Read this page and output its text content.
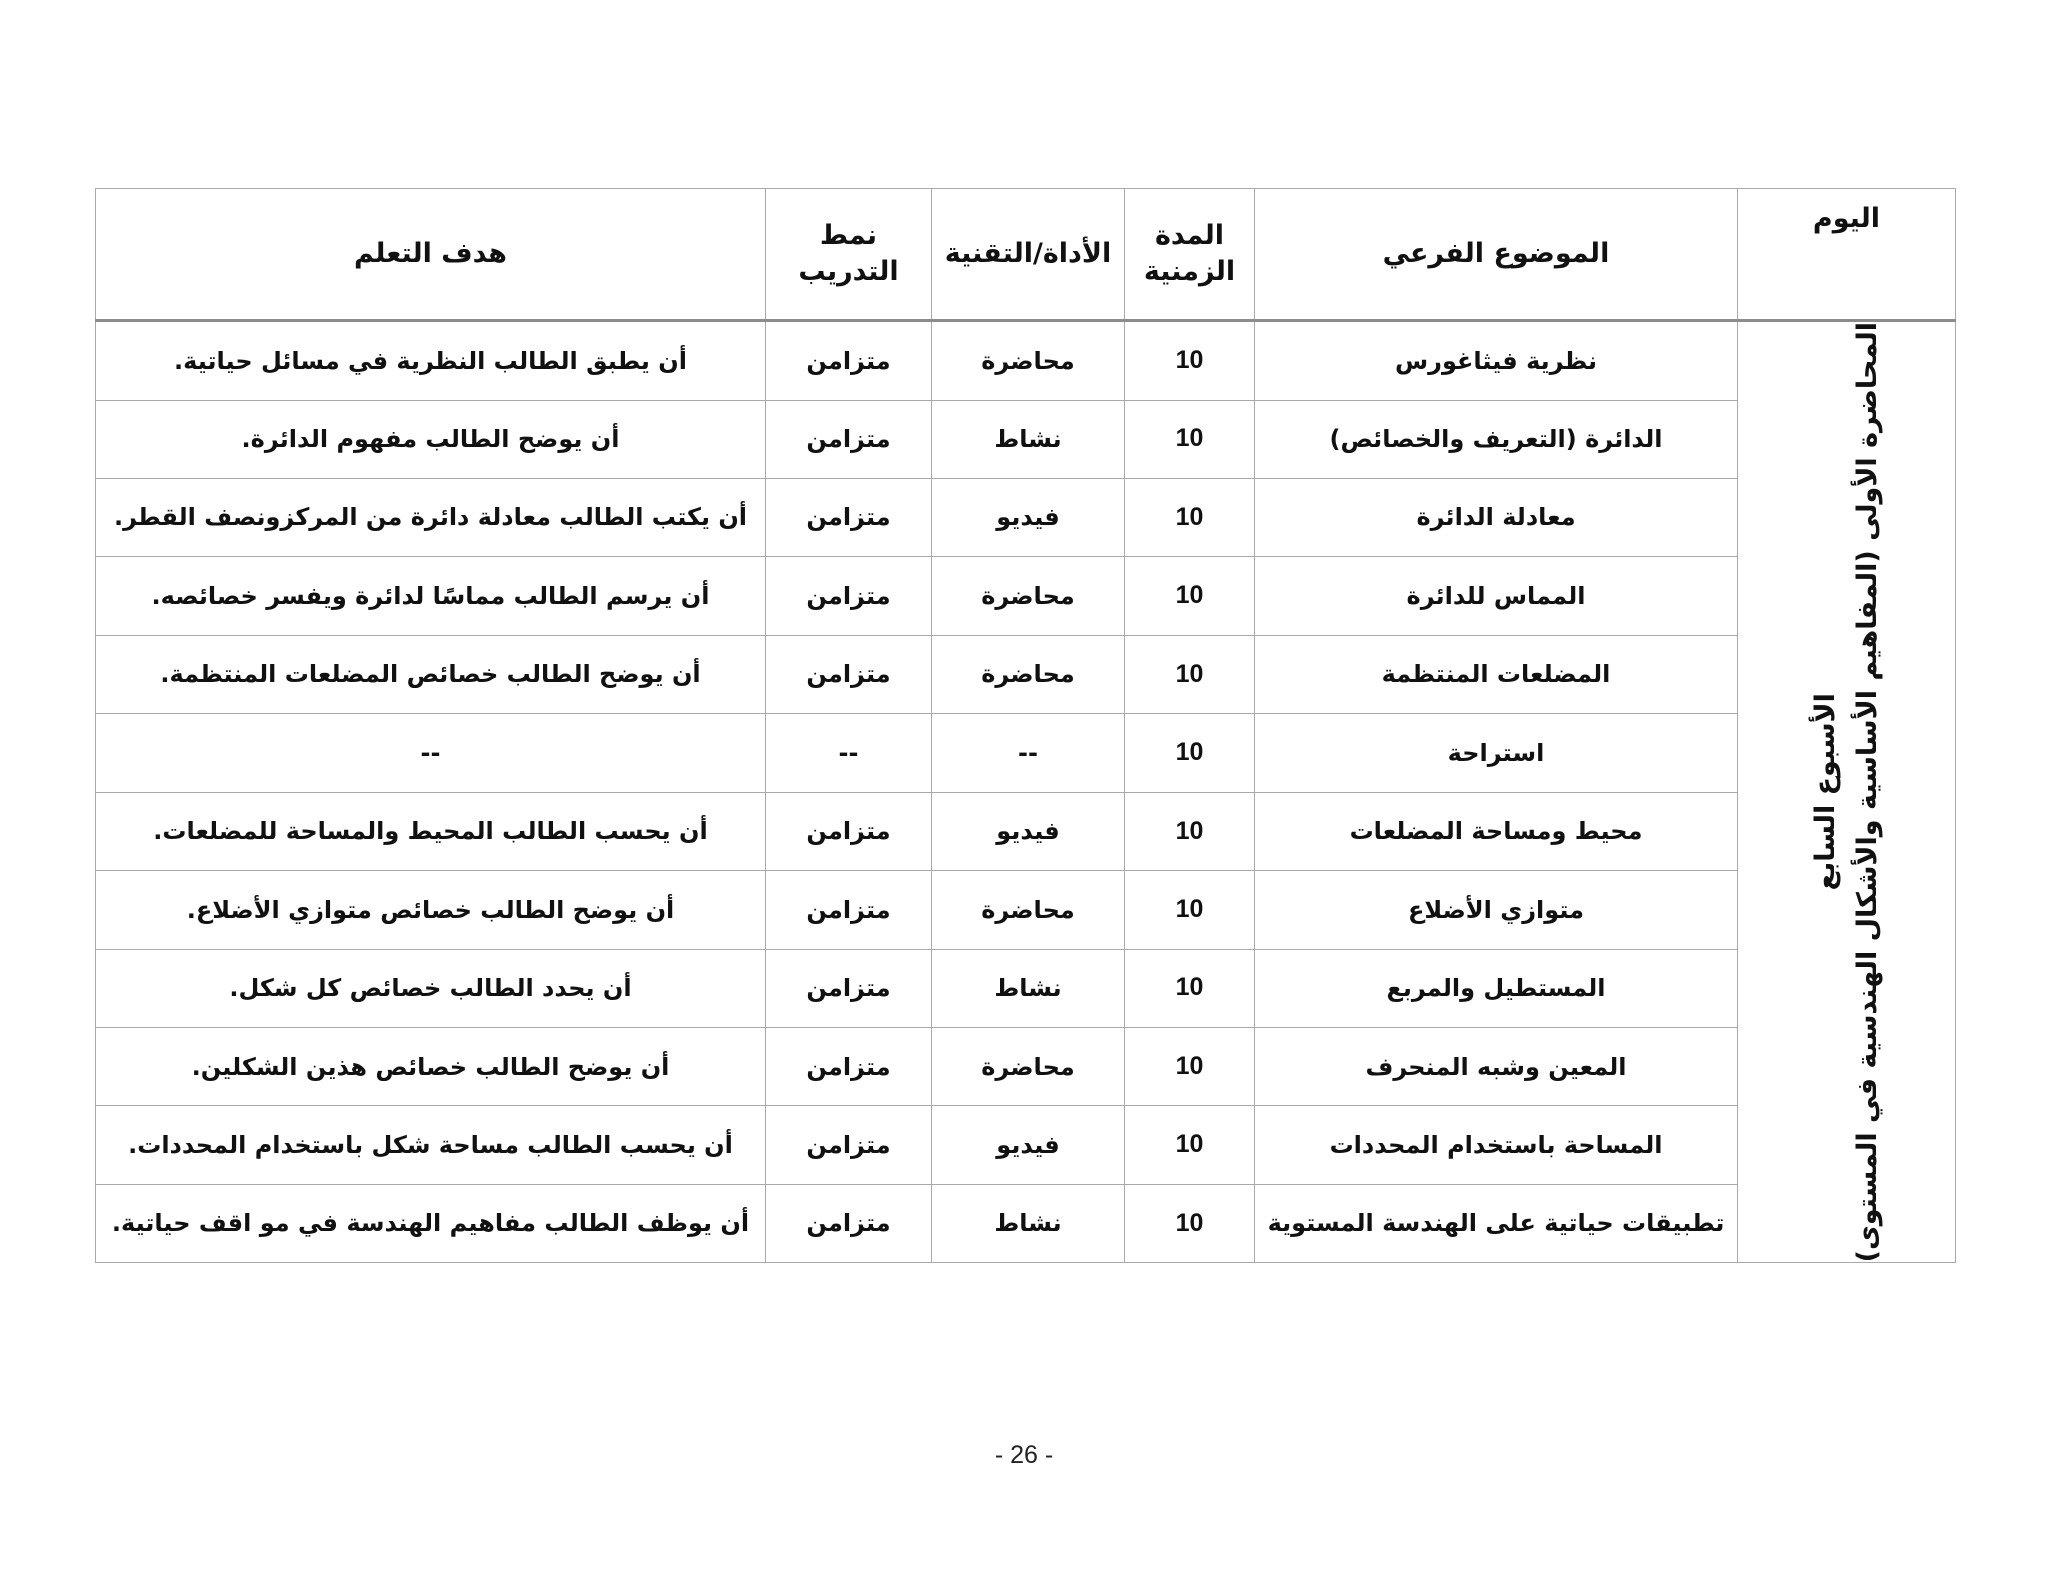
اليوم	الموضوع الفرعي	المدة الزمنية	الأداة/التقنية	نمط التدريب	هدف التعلم

الأسبوع السابع المحاضرة الأولى (المفاهيم الأساسية والأشكال الهندسية في المستوى)	نظرية فيثاغورس	10	محاضرة	متزامن	أن يطبق الطالب النظرية في مسائل حياتية.
	الدائرة (التعريف والخصائص)	10	نشاط	متزامن	أن يوضح الطالب مفهوم الدائرة.
	معادلة الدائرة	10	فيديو	متزامن	أن يكتب الطالب معادلة دائرة من المركزونصف القطر.
	المماس للدائرة	10	محاضرة	متزامن	أن يرسم الطالب مماسًا لدائرة ويفسر خصائصه.
	المضلعات المنتظمة	10	محاضرة	متزامن	أن يوضح الطالب خصائص المضلعات المنتظمة.
	استراحة	10	--	--	--
	محيط ومساحة المضلعات	10	فيديو	متزامن	أن يحسب الطالب المحيط والمساحة للمضلعات.
	متوازي الأضلاع	10	محاضرة	متزامن	أن يوضح الطالب خصائص متوازي الأضلاع.
	المستطيل والمربع	10	نشاط	متزامن	أن يحدد الطالب خصائص كل شكل.
	المعين وشبه المنحرف	10	محاضرة	متزامن	أن يوضح الطالب خصائص هذين الشكلين.
	المساحة باستخدام المحددات	10	فيديو	متزامن	أن يحسب الطالب مساحة شكل باستخدام المحددات.
	تطبيقات حياتية على الهندسة المستوية	10	نشاط	متزامن	أن يوظف الطالب مفاهيم الهندسة في مو اقف حياتية.
- 26 -
